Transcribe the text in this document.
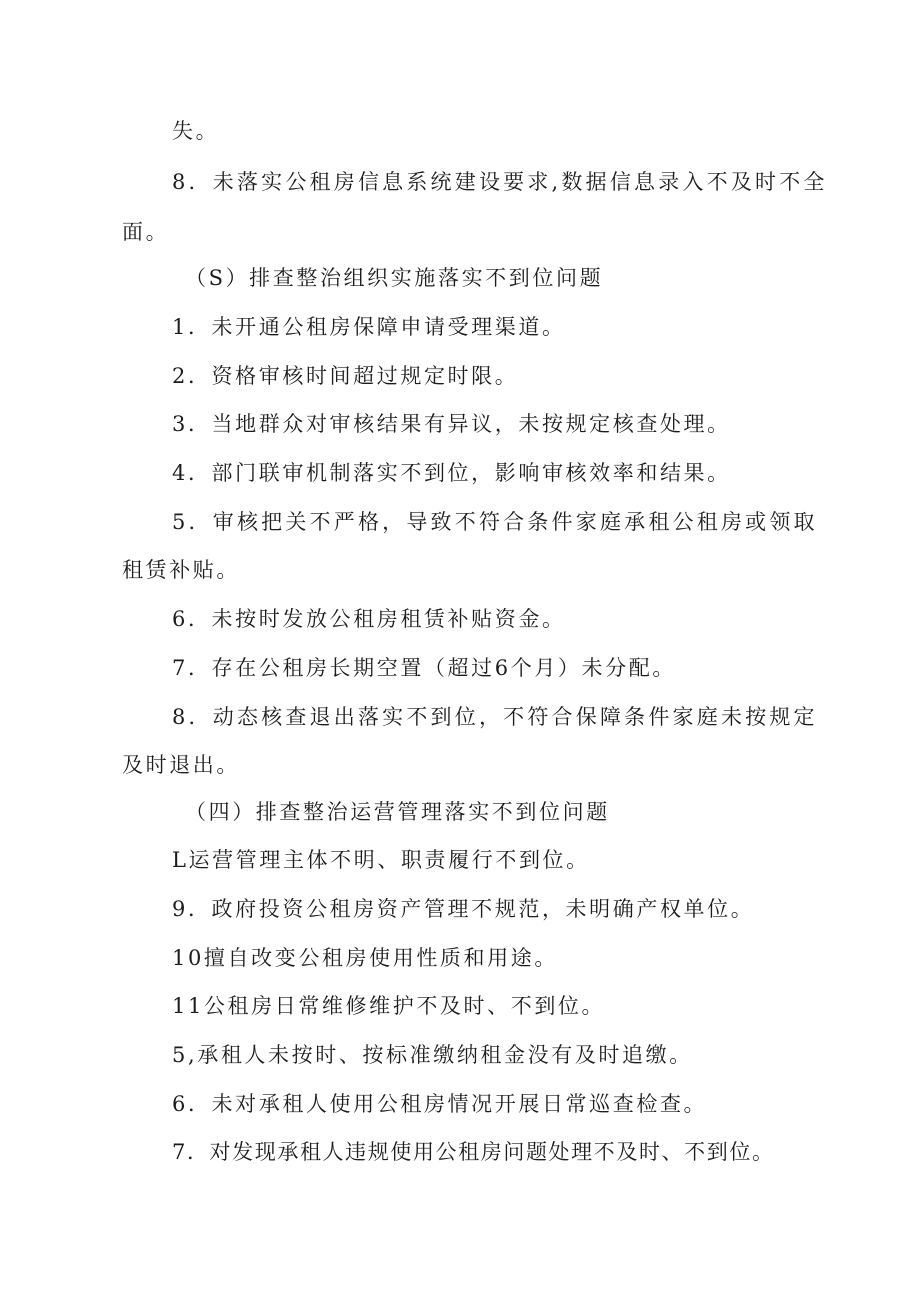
失。
8．未落实公租房信息系统建设要求,数据信息录入不及时不全
面。
（S）排查整治组织实施落实不到位问题
1．未开通公租房保障申请受理渠道。
2．资格审核时间超过规定时限。
3．当地群众对审核结果有异议，未按规定核查处理。
4．部门联审机制落实不到位，影响审核效率和结果。
5．审核把关不严格，导致不符合条件家庭承租公租房或领取
租赁补贴。
6．未按时发放公租房租赁补贴资金。
7．存在公租房长期空置（超过6个月）未分配。
8．动态核查退出落实不到位，不符合保障条件家庭未按规定
及时退出。
（四）排查整治运营管理落实不到位问题
L运营管理主体不明、职责履行不到位。
9．政府投资公租房资产管理不规范，未明确产权单位。
10擅自改变公租房使用性质和用途。
11公租房日常维修维护不及时、不到位。
5,承租人未按时、按标准缴纳租金没有及时追缴。
6．未对承租人使用公租房情况开展日常巡查检查。
7．对发现承租人违规使用公租房问题处理不及时、不到位。
